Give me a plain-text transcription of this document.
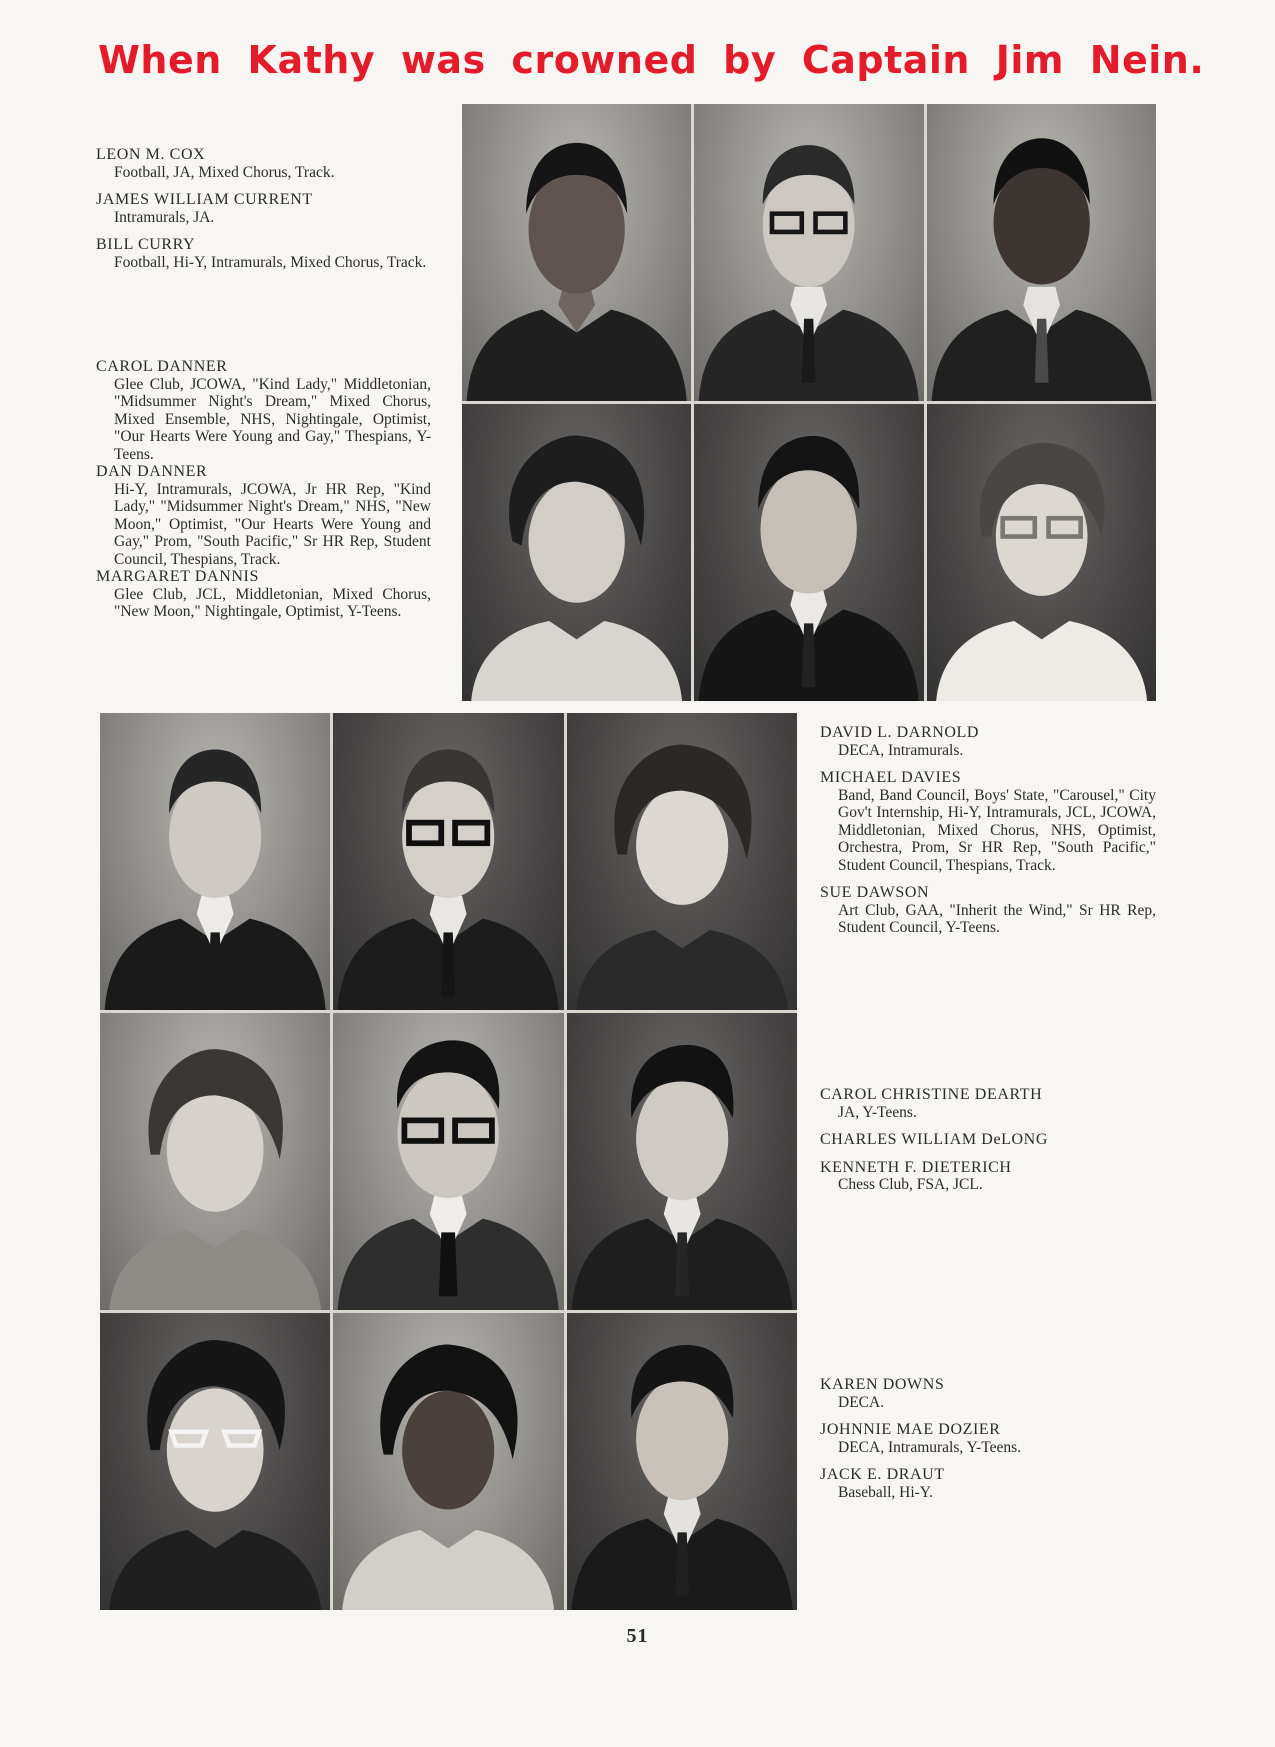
When Kathy was crowned by Captain Jim Nein.
LEON M. COX
Football, JA, Mixed Chorus, Track.
JAMES WILLIAM CURRENT
Intramurals, JA.
BILL CURRY
Football, Hi-Y, Intramurals, Mixed Chorus, Track.
CAROL DANNER
Glee Club, JCOWA, "Kind Lady," Middletonian, "Midsummer Night's Dream," Mixed Chorus, Mixed Ensemble, NHS, Nightingale, Optimist, "Our Hearts Were Young and Gay," Thespians, Y-Teens.
DAN DANNER
Hi-Y, Intramurals, JCOWA, Jr HR Rep, "Kind Lady," "Midsummer Night's Dream," NHS, "New Moon," Optimist, "Our Hearts Were Young and Gay," Prom, "South Pacific," Sr HR Rep, Student Council, Thespians, Track.
MARGARET DANNIS
Glee Club, JCL, Middletonian, Mixed Chorus, "New Moon," Nightingale, Optimist, Y-Teens.
DAVID L. DARNOLD
DECA, Intramurals.
MICHAEL DAVIES
Band, Band Council, Boys' State, "Carousel," City Gov't Internship, Hi-Y, Intramurals, JCL, JCOWA, Middletonian, Mixed Chorus, NHS, Optimist, Orchestra, Prom, Sr HR Rep, "South Pacific," Student Council, Thespians, Track.
SUE DAWSON
Art Club, GAA, "Inherit the Wind," Sr HR Rep, Student Council, Y-Teens.
CAROL CHRISTINE DEARTH
JA, Y-Teens.
CHARLES WILLIAM DeLONG
KENNETH F. DIETERICH
Chess Club, FSA, JCL.
KAREN DOWNS
DECA.
JOHNNIE MAE DOZIER
DECA, Intramurals, Y-Teens.
JACK E. DRAUT
Baseball, Hi-Y.
51
